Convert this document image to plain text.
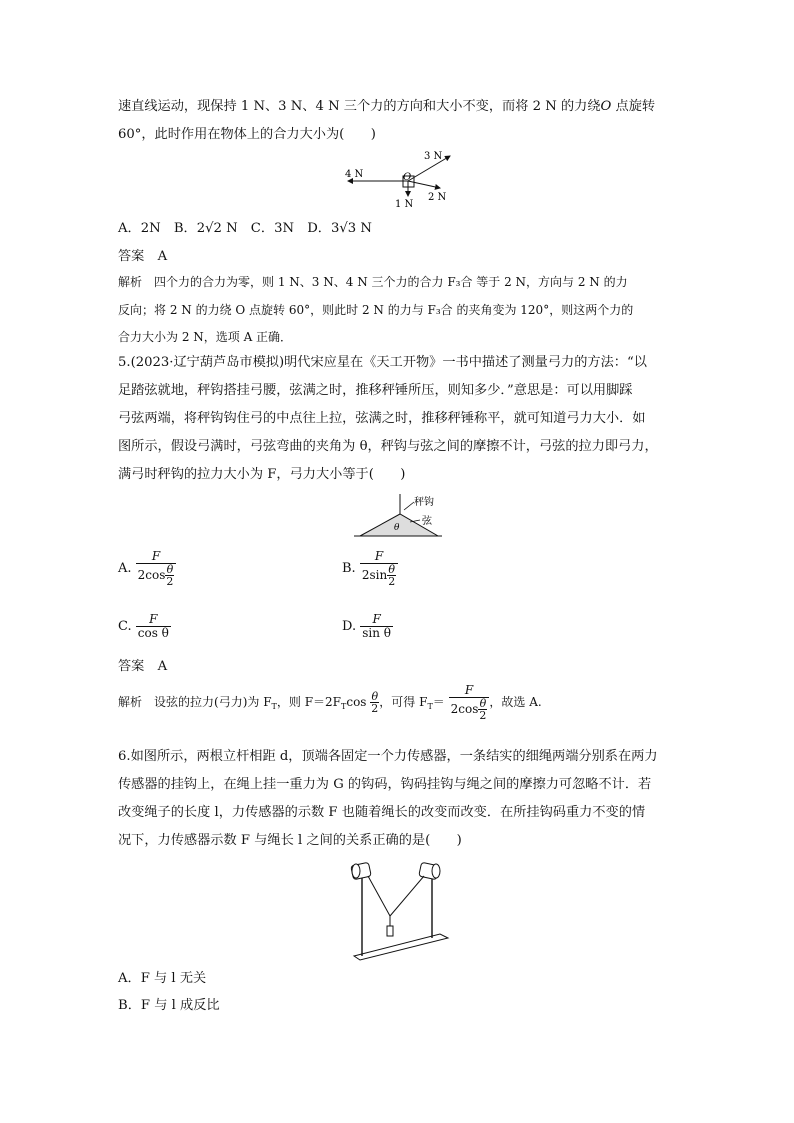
速直线运动，现保持 1 N、3 N、4 N 三个力的方向和大小不变，而将 2 N 的力绕O 点旋转
60°，此时作用在物体上的合力大小为(　　)
4 N
3 N
O
1 N
2 N
A．2N　B．2√2 N　C．3N　D．3√3 N
答案　 A
解析　 四个力的合力为零，则 1 N、3 N、4 N 三个力的合力 F₃合 等于 2 N，方向与 2 N 的力
反向；将 2 N 的力绕 O 点旋转 60°，则此时 2 N 的力与 F₃合 的夹角变为 120°，则这两个力的
合力大小为 2 N，选项 A 正确．
5.(2023·辽宁葫芦岛市模拟)明代宋应星在《天工开物》一书中描述了测量弓力的方法：“以
足踏弦就地，秤钩搭挂弓腰，弦满之时，推移秤锤所压，则知多少．”意思是：可以用脚踩
弓弦两端，将秤钩钩住弓的中点往上拉，弦满之时，推移秤锤称平，就可知道弓力大小．如
图所示，假设弓满时，弓弦弯曲的夹角为 θ，秤钩与弦之间的摩擦不计，弓弦的拉力即弓力，
满弓时秤钩的拉力大小为 F，弓力大小等于(　　)
秤钩
弦
θ
A. $\frac{F}{2\cos \frac{\theta}{2}}$	B. $\frac{F}{2\sin \frac{\theta}{2}}$
C. $\frac{F}{\text{cos θ}}$	D. $\frac{F}{\text{sin θ}}$
答案　 A
解析　 设弦的拉力(弓力)为 $F_T$，则 $F=2F_T\cos \frac{\theta}{2}$ ，可得 $F_T= \frac{F}{2\cos \frac{\theta}{2}}$ ，故选 A.
6.如图所示，两根立杆相距 d，顶端各固定一个力传感器，一条结实的细绳两端分别系在两力
传感器的挂钩上，在绳上挂一重力为 G 的钩码，钩码挂钩与绳之间的摩擦力可忽略不计．若
改变绳子的长度 l，力传感器的示数 F 也随着绳长的改变而改变．在所挂钩码重力不变的情
况下，力传感器示数 F 与绳长 l 之间的关系正确的是(　　)
A．F 与 l 无关
B．F 与 l 成反比
